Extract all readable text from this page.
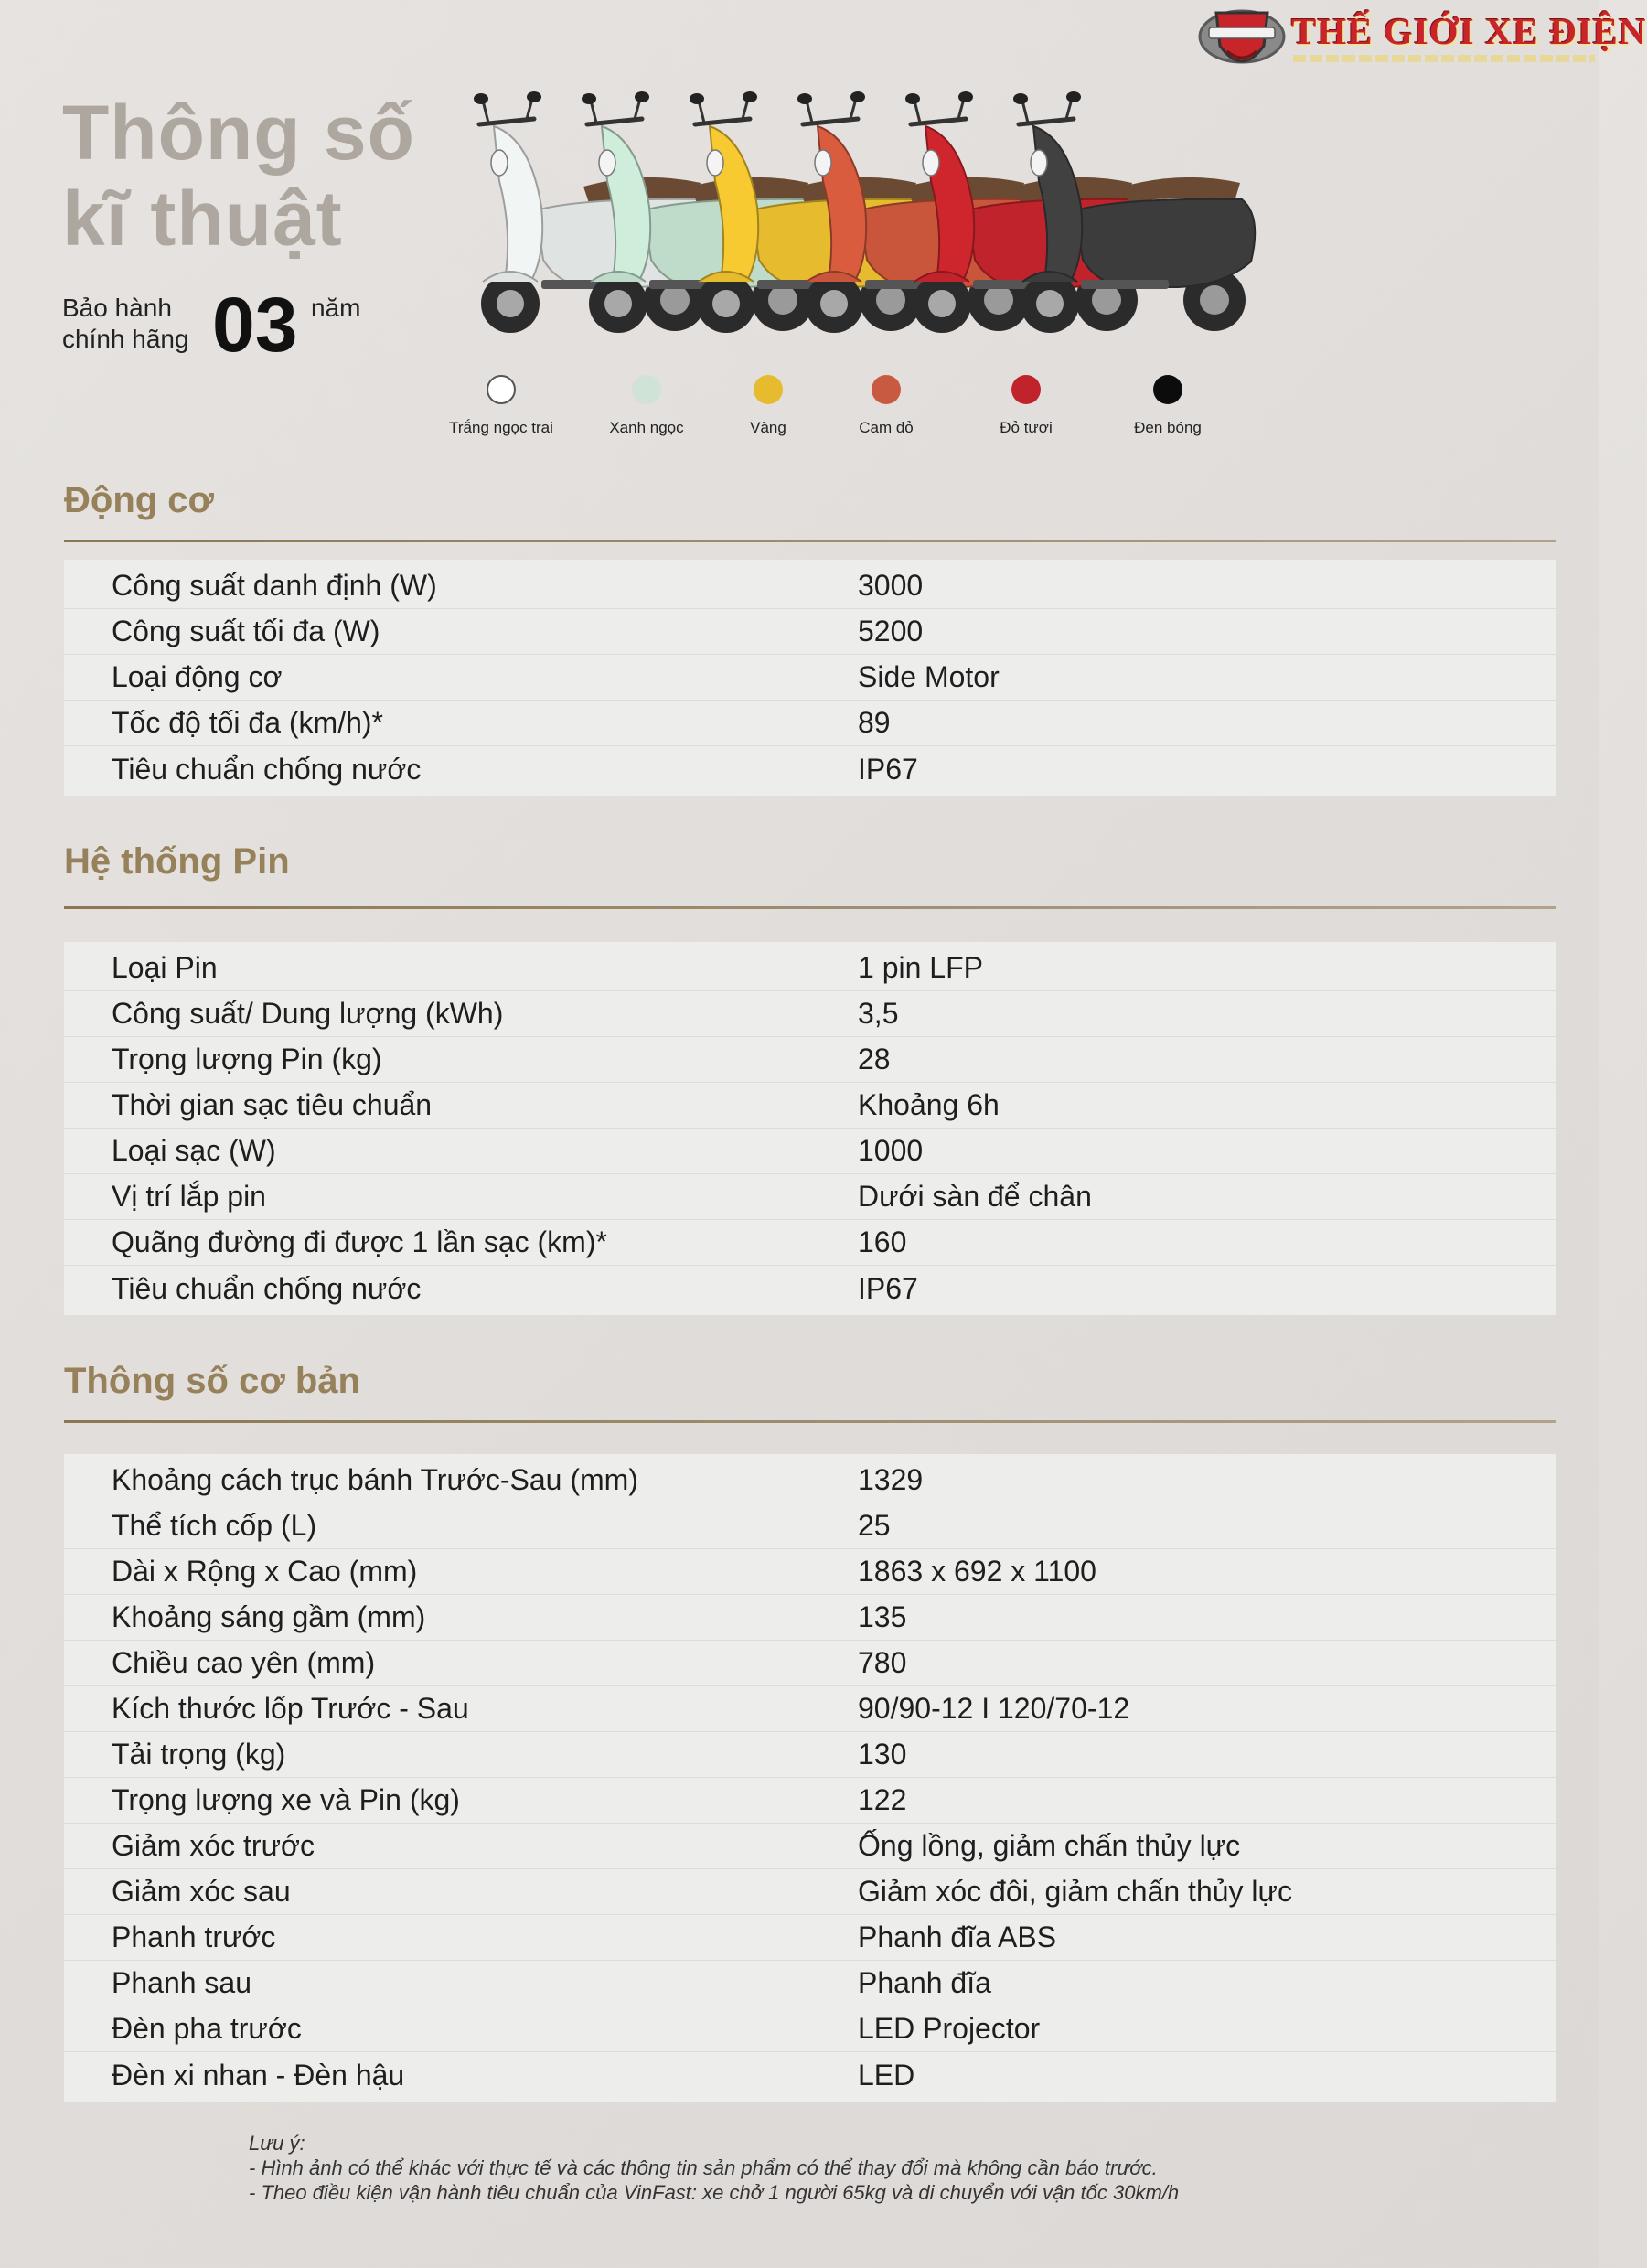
THẾ GIỚI XE ĐIỆN
Thông số
kĩ thuật
Bảo hành
chính hãng 03 năm
Trắng ngọc trai	Xanh ngọc	Vàng	Cam đỏ	Đỏ tươi	Đen bóng
Động cơ
Công suất danh định (W)	3000
Công suất tối đa (W)	5200
Loại động cơ	Side Motor
Tốc độ tối đa (km/h)*	89
Tiêu chuẩn chống nước	IP67
Hệ thống Pin
Loại Pin	1 pin LFP
Công suất/ Dung lượng (kWh)	3,5
Trọng lượng Pin (kg)	28
Thời gian sạc tiêu chuẩn	Khoảng 6h
Loại sạc (W)	1000
Vị trí lắp pin	Dưới sàn để chân
Quãng đường đi được 1 lần sạc (km)*	160
Tiêu chuẩn chống nước	IP67
Thông số cơ bản
Khoảng cách trục bánh Trước-Sau (mm)	1329
Thể tích cốp (L)	25
Dài x Rộng x Cao (mm)	1863 x 692 x 1100
Khoảng sáng gầm (mm)	135
Chiều cao yên (mm)	780
Kích thước lốp Trước - Sau	90/90-12 I 120/70-12
Tải trọng (kg)	130
Trọng lượng xe và Pin (kg)	122
Giảm xóc trước	Ống lồng, giảm chấn thủy lực
Giảm xóc sau	Giảm xóc đôi, giảm chấn thủy lực
Phanh trước	Phanh đĩa ABS
Phanh sau	Phanh đĩa
Đèn pha trước	LED Projector
Đèn xi nhan - Đèn hậu	LED
Lưu ý:
- Hình ảnh có thể khác với thực tế và các thông tin sản phẩm có thể thay đổi mà không cần báo trước.
- Theo điều kiện vận hành tiêu chuẩn của VinFast: xe chở 1 người 65kg và di chuyển với vận tốc 30km/h
